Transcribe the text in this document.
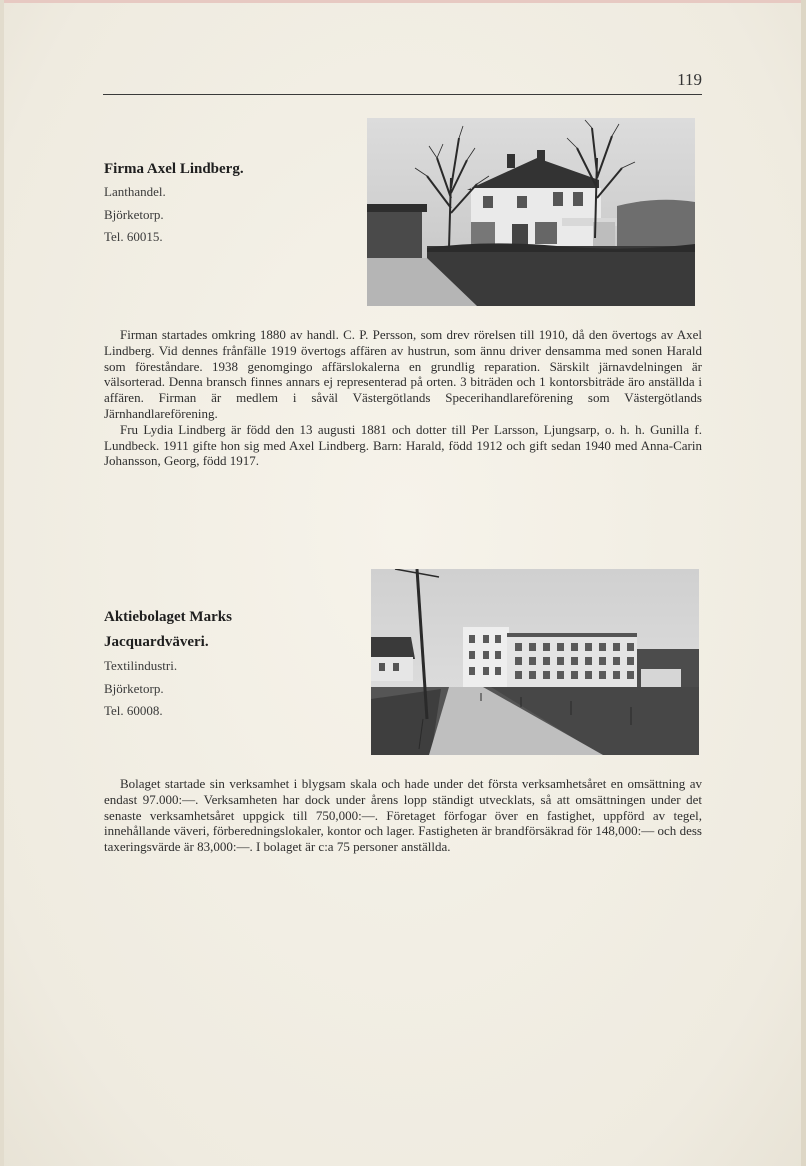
119
Firma Axel Lindberg.
Lanthandel.
Björketorp.
Tel. 60015.

Firman startades omkring 1880 av handl. C. P. Persson, som drev rörelsen till 1910, då den övertogs av Axel Lindberg. Vid dennes frånfälle 1919 övertogs affären av hustrun, som ännu driver densamma med sonen Harald som föreståndare. 1938 genomgingo affärslokalerna en grundlig reparation. Särskilt järnavdelningen är välsorterad. Denna bransch finnes annars ej representerad på orten. 3 biträden och 1 kontorsbiträde äro anställda i affären. Firman är medlem i såväl Västergötlands Specerihandlareförening som Västergötlands Järnhandlareförening.

Fru Lydia Lindberg är född den 13 augusti 1881 och dotter till Per Larsson, Ljungsarp, o. h. h. Gunilla f. Lundbeck. 1911 gifte hon sig med Axel Lindberg. Barn: Harald, född 1912 och gift sedan 1940 med Anna-Carin Johansson, Georg, född 1917.

Aktiebolaget Marks
Jacquardväveri.
Textilindustri.
Björketorp.
Tel. 60008.

Bolaget startade sin verksamhet i blygsam skala och hade under det första verksamhetsåret en omsättning av endast 97.000:—. Verksamheten har dock under årens lopp ständigt utvecklats, så att omsättningen under det senaste verksamhetsåret uppgick till 750,000:—. Företaget förfogar över en fastighet, uppförd av tegel, innehållande väveri, förberedningslokaler, kontor och lager. Fastigheten är brandförsäkrad för 148,000:— och dess taxeringsvärde är 83,000:—. I bolaget är c:a 75 personer anställda.
